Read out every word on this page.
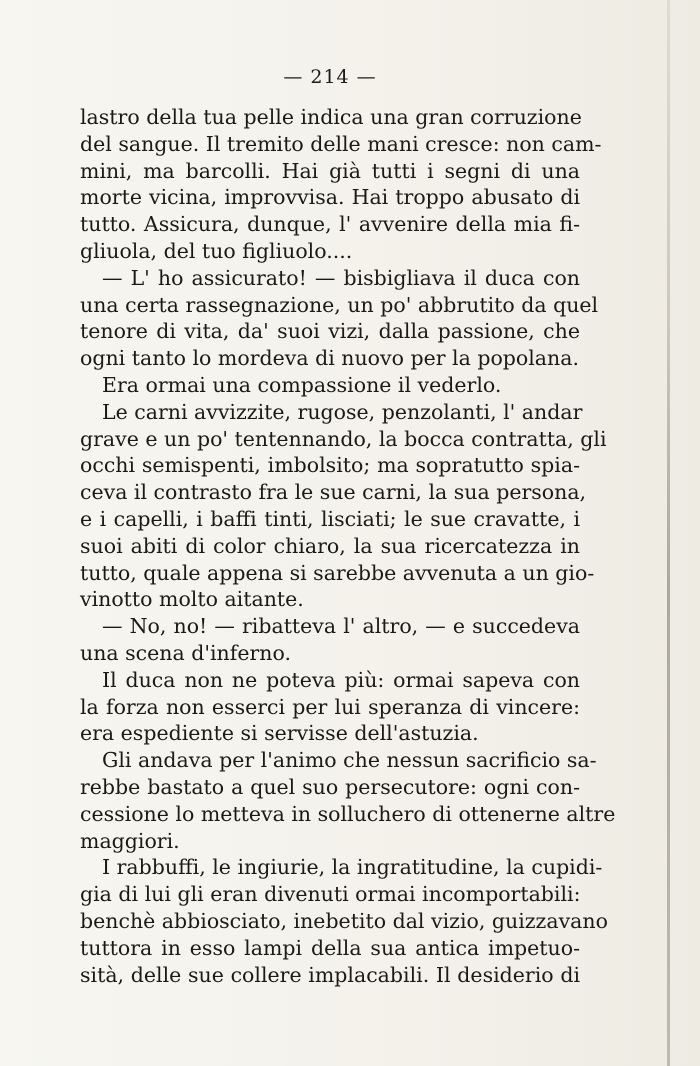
— 214 —
lastro della tua pelle indica una gran corruzione
del sangue. Il tremito delle mani cresce: non cam-
mini, ma barcolli. Hai già tutti i segni di una
morte vicina, improvvisa. Hai troppo abusato di
tutto. Assicura, dunque, l' avvenire della mia fi-
gliuola, del tuo figliuolo....
— L' ho assicurato! — bisbigliava il duca con
una certa rassegnazione, un po' abbrutito da quel
tenore di vita, da' suoi vizi, dalla passione, che
ogni tanto lo mordeva di nuovo per la popolana.
Era ormai una compassione il vederlo.
Le carni avvizzite, rugose, penzolanti, l' andar
grave e un po' tentennando, la bocca contratta, gli
occhi semispenti, imbolsito; ma sopratutto spia-
ceva il contrasto fra le sue carni, la sua persona,
e i capelli, i baffi tinti, lisciati; le sue cravatte, i
suoi abiti di color chiaro, la sua ricercatezza in
tutto, quale appena si sarebbe avvenuta a un gio-
vinotto molto aitante.
— No, no! — ribatteva l' altro, — e succedeva
una scena d'inferno.
Il duca non ne poteva più: ormai sapeva con
la forza non esserci per lui speranza di vincere:
era espediente si servisse dell'astuzia.
Gli andava per l'animo che nessun sacrificio sa-
rebbe bastato a quel suo persecutore: ogni con-
cessione lo metteva in solluchero di ottenerne altre
maggiori.
I rabbuffi, le ingiurie, la ingratitudine, la cupidi-
gia di lui gli eran divenuti ormai incomportabili:
benchè abbiosciato, inebetito dal vizio, guizzavano
tuttora in esso lampi della sua antica impetuo-
sità, delle sue collere implacabili. Il desiderio di
